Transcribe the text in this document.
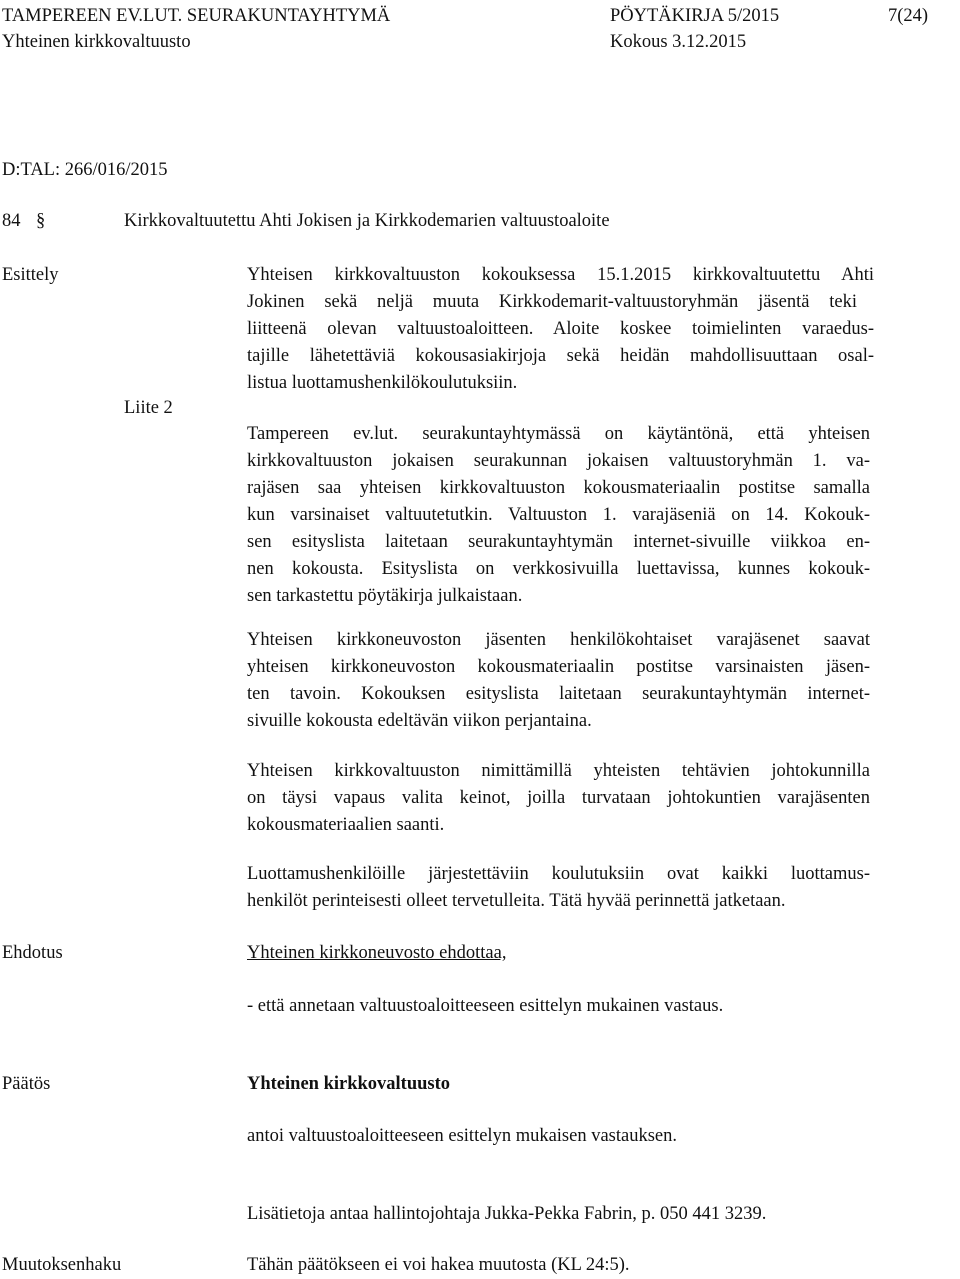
TAMPEREEN EV.LUT. SEURAKUNTAYHTYMÄ	PÖYTÄKIRJA 5/2015	7(24)
Yhteinen kirkkovaltuusto	Kokous 3.12.2015
D:TAL: 266/016/2015
84 §	Kirkkovaltuutettu Ahti Jokisen ja Kirkkodemarien valtuustoaloite
Esittely
Liite 2
Yhteisen kirkkovaltuuston kokouksessa 15.1.2015 kirkkovaltuutettu Ahti
Jokinen sekä neljä muuta Kirkkodemarit-valtuustoryhmän jäsentä teki
liitteenä olevan valtuustoaloitteen. Aloite koskee toimielinten varaedus-
tajille lähetettäviä kokousasiakirjoja sekä heidän mahdollisuuttaan osal-
listua luottamushenkilökoulutuksiin.
Tampereen ev.lut. seurakuntayhtymässä on käytäntönä, että yhteisen
kirkkovaltuuston jokaisen seurakunnan jokaisen valtuustoryhmän 1. va-
rajäsen saa yhteisen kirkkovaltuuston kokousmateriaalin postitse samalla
kun varsinaiset valtuutetutkin. Valtuuston 1. varajäseniä on 14. Kokouk-
sen esityslista laitetaan seurakuntayhtymän internet-sivuille viikkoa en-
nen kokousta. Esityslista on verkkosivuilla luettavissa, kunnes kokouk-
sen tarkastettu pöytäkirja julkaistaan.
Yhteisen kirkkoneuvoston jäsenten henkilökohtaiset varajäsenet saavat
yhteisen kirkkoneuvoston kokousmateriaalin postitse varsinaisten jäsen-
ten tavoin. Kokouksen esityslista laitetaan seurakuntayhtymän internet-
sivuille kokousta edeltävän viikon perjantaina.
Yhteisen kirkkovaltuuston nimittämillä yhteisten tehtävien johtokunnilla
on täysi vapaus valita keinot, joilla turvataan johtokuntien varajäsenten
kokousmateriaalien saanti.
Luottamushenkilöille järjestettäviin koulutuksiin ovat kaikki luottamus-
henkilöt perinteisesti olleet tervetulleita. Tätä hyvää perinnettä jatketaan.
Ehdotus	Yhteinen kirkkoneuvosto ehdottaa,
- että annetaan valtuustoaloitteeseen esittelyn mukainen vastaus.
Päätös	Yhteinen kirkkovaltuusto
antoi valtuustoaloitteeseen esittelyn mukaisen vastauksen.
Lisätietoja antaa hallintojohtaja Jukka-Pekka Fabrin, p. 050 441 3239.
Muutoksenhaku	Tähän päätökseen ei voi hakea muutosta (KL 24:5).
